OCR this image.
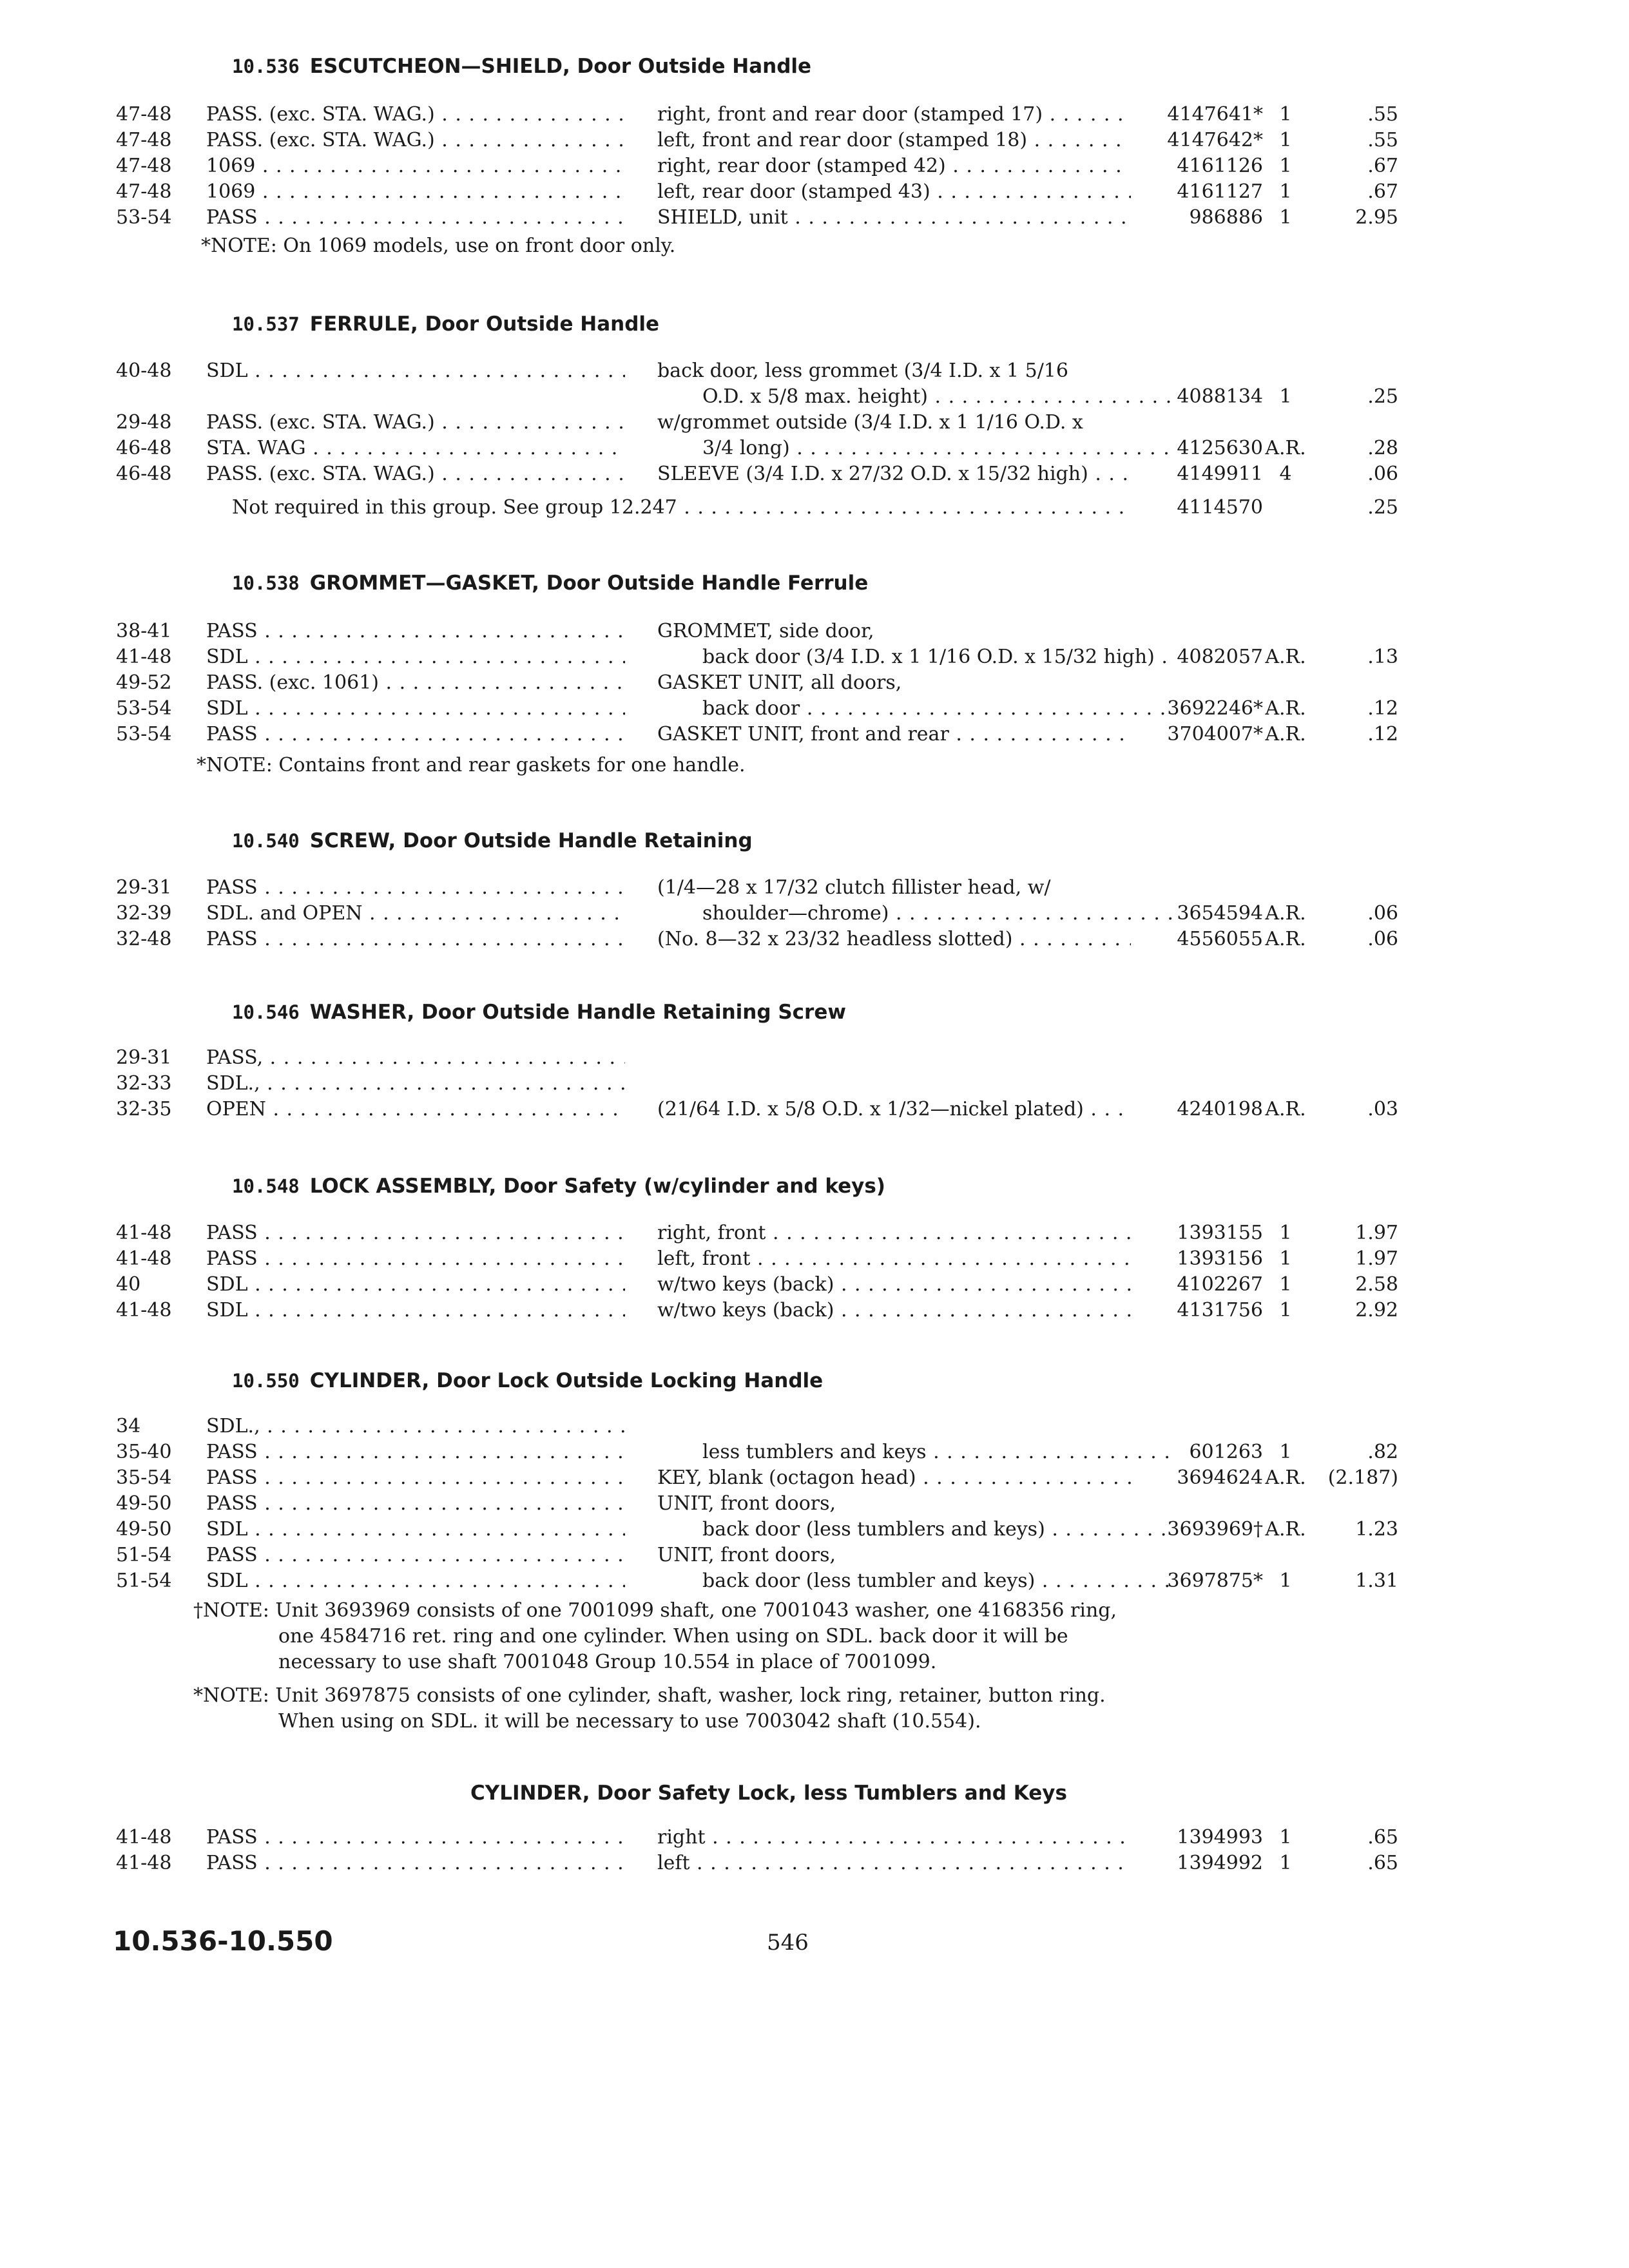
10.536 ESCUTCHEON—SHIELD, Door Outside Handle
47-48	PASS. (exc. STA. WAG.) . . .	right, front and rear door (stamped 17) . . .	4147641* 1	.55
47-48	PASS. (exc. STA. WAG.) . . .	left, front and rear door (stamped 18) . . .	4147642* 1	.55
47-48	1069 . . .	right, rear door (stamped 42) . . .	4161126 1	.67
47-48	1069 . . .	left, rear door (stamped 43) . . .	4161127 1	.67
53-54	PASS . . .	SHIELD, unit . . .	986886 1	2.95
*NOTE: On 1069 models, use on front door only.
10.537 FERRULE, Door Outside Handle
40-48	SDL . . .	back door, less grommet (3/4 I.D. x 1 5/16
O.D. x 5/8 max. height) . . .	4088134 1	.25
29-48	PASS. (exc. STA. WAG.) . . .	w/grommet outside (3/4 I.D. x 1 1/16 O.D. x
46-48	STA. WAG . . .	3/4 long) . . .	4125630 A.R.	.28
46-48	PASS. (exc. STA. WAG.) . . .	SLEEVE (3/4 I.D. x 27/32 O.D. x 15/32 high) . . .	4149911 4	.06
Not required in this group. See group 12.247 . . .	4114570	.25
10.538 GROMMET—GASKET, Door Outside Handle Ferrule
38-41	PASS . . .	GROMMET, side door,
41-48	SDL . . .	back door (3/4 I.D. x 1 1/16 O.D. x 15/32 high) . . .	4082057 A.R.	.13
49-52	PASS. (exc. 1061) . . .	GASKET UNIT, all doors,
53-54	SDL . . .	back door . . .	3692246* A.R.	.12
53-54	PASS . . .	GASKET UNIT, front and rear . . .	3704007* A.R.	.12
*NOTE: Contains front and rear gaskets for one handle.
10.540 SCREW, Door Outside Handle Retaining
29-31	PASS . . .	(1/4—28 x 17/32 clutch fillister head, w/
32-39	SDL. and OPEN . . .	shoulder—chrome) . . .	3654594 A.R.	.06
32-48	PASS . . .	(No. 8—32 x 23/32 headless slotted) . . .	4556055 A.R.	.06
10.546 WASHER, Door Outside Handle Retaining Screw
29-31	PASS, . . .
32-33	SDL., . . .
32-35	OPEN . . .	(21/64 I.D. x 5/8 O.D. x 1/32—nickel plated) . . .	4240198 A.R.	.03
10.548 LOCK ASSEMBLY, Door Safety (w/cylinder and keys)
41-48	PASS . . .	right, front . . .	1393155 1	1.97
41-48	PASS . . .	left, front . . .	1393156 1	1.97
40	SDL . . .	w/two keys (back) . . .	4102267 1	2.58
41-48	SDL . . .	w/two keys (back) . . .	4131756 1	2.92
10.550 CYLINDER, Door Lock Outside Locking Handle
34	SDL., . . .
35-40	PASS . . .	less tumblers and keys . . .	601263 1	.82
35-54	PASS . . .	KEY, blank (octagon head) . . .	3694624 A.R.	(2.187)
49-50	PASS . . .	UNIT, front doors,
49-50	SDL . . .	back door (less tumblers and keys) . . .	3693969† A.R.	1.23
51-54	PASS . . .	UNIT, front doors,
51-54	SDL . . .	back door (less tumbler and keys) . . .	3697875* 1	1.31
†NOTE: Unit 3693969 consists of one 7001099 shaft, one 7001043 washer, one 4168356 ring,
one 4584716 ret. ring and one cylinder. When using on SDL. back door it will be
necessary to use shaft 7001048 Group 10.554 in place of 7001099.
*NOTE: Unit 3697875 consists of one cylinder, shaft, washer, lock ring, retainer, button ring.
When using on SDL. it will be necessary to use 7003042 shaft (10.554).
CYLINDER, Door Safety Lock, less Tumblers and Keys
41-48	PASS . . .	right . . .	1394993 1	.65
41-48	PASS . . .	left . . .	1394992 1	.65
10.536-10.550	546
